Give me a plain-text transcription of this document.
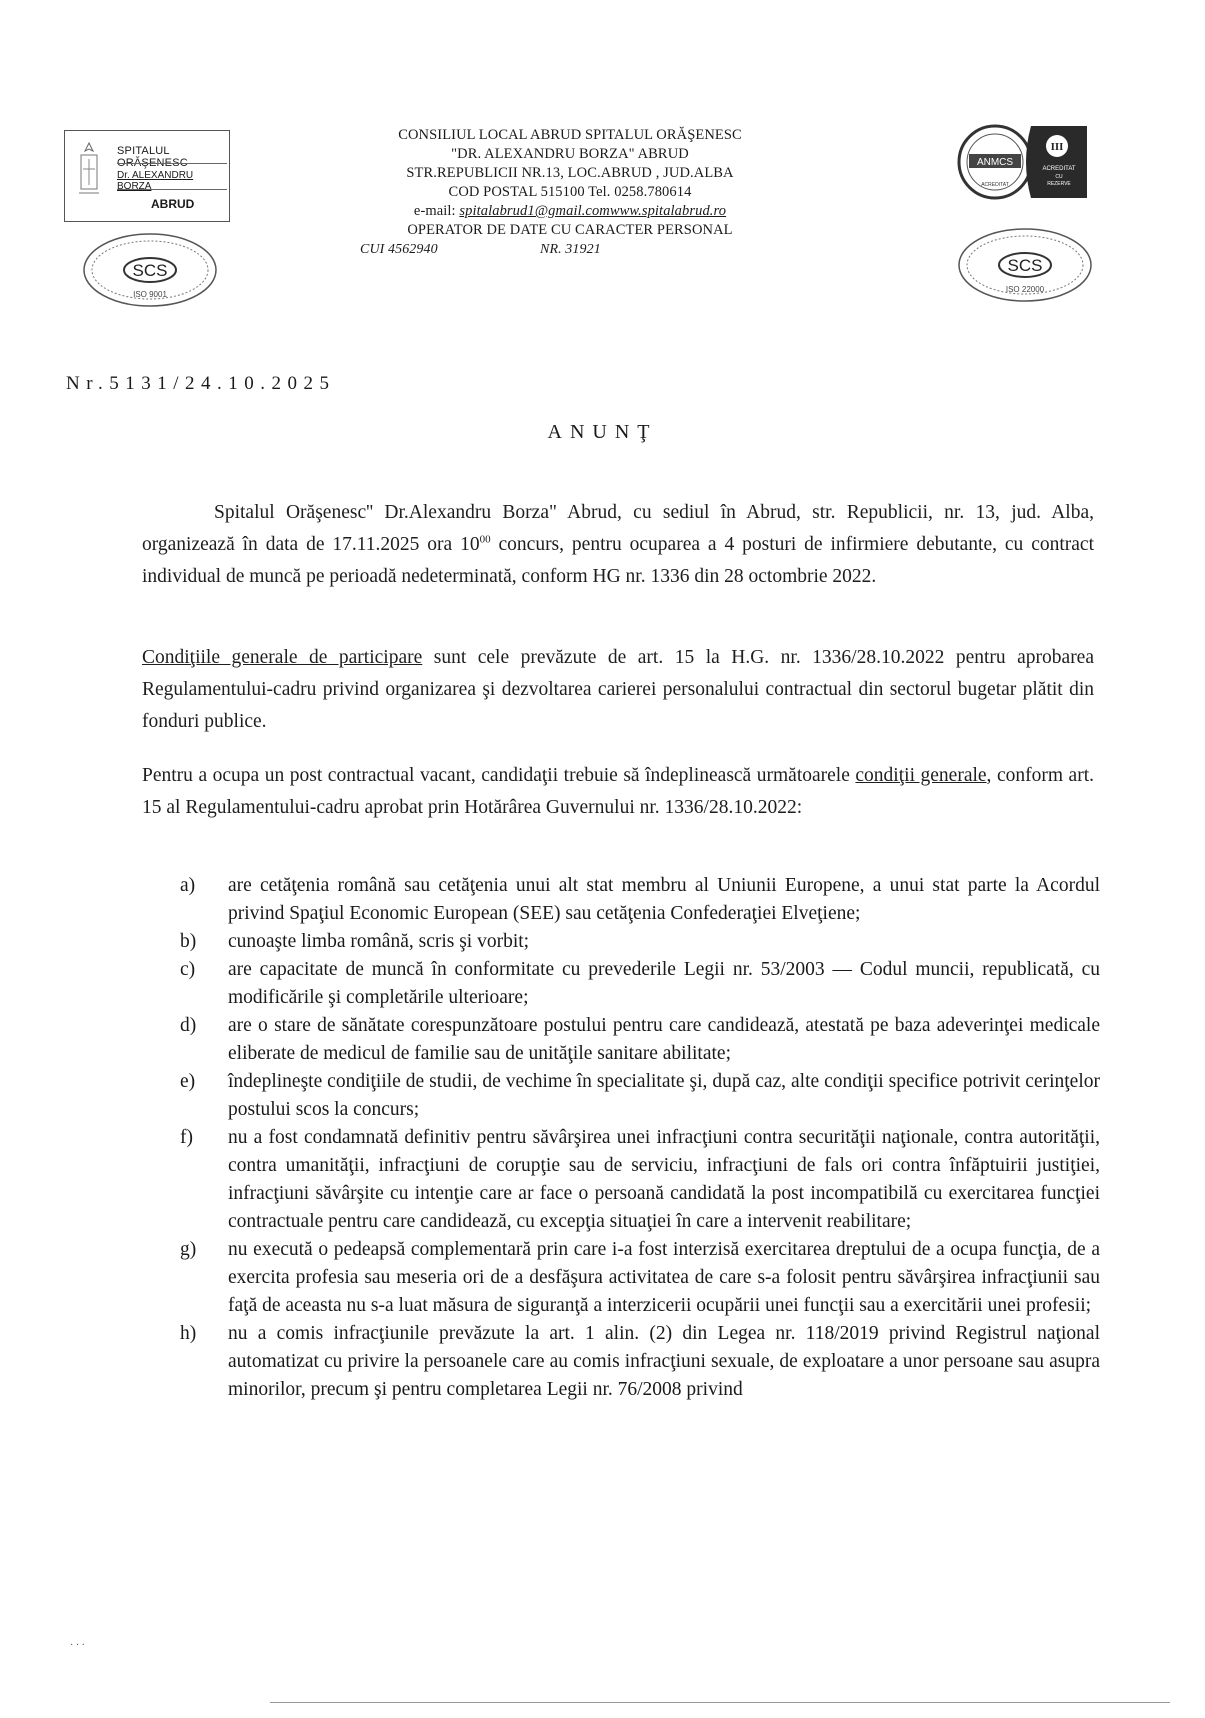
SPITALUL ORĂŞENESC
Dr. ALEXANDRU BORZA
ABRUD
SCS
ISO 9001
CONSILIUL LOCAL ABRUD SPITALUL ORĂŞENESC
"DR. ALEXANDRU BORZA" ABRUD
STR.REPUBLICII NR.13, LOC.ABRUD , JUD.ALBA
COD POSTAL 515100 Tel. 0258.780614
e-mail: spitalabrud1@gmail.comwww.spitalabrud.ro
OPERATOR DE DATE CU CARACTER PERSONAL
CUI 4562940	NR. 31921
ANMCS
ACREDITAT
III
ACREDITAT
CU
REZERVE
SCS
ISO 22000
Nr.5131/24.10.2025
ANUNŢ
Spitalul Orăşenesc'' Dr.Alexandru Borza" Abrud, cu sediul în Abrud, str. Republicii, nr. 13, jud. Alba, organizează în data de 17.11.2025 ora $10^{00}$ concurs, pentru ocuparea a 4 posturi de infirmiere debutante, cu contract individual de muncă pe perioadă nedeterminată, conform HG nr. 1336 din 28 octombrie 2022.
Condiţiile generale de participare sunt cele prevăzute de art. 15 la H.G. nr. 1336/28.10.2022 pentru aprobarea Regulamentului-cadru privind organizarea şi dezvoltarea carierei personalului contractual din sectorul bugetar plătit din fonduri publice.
Pentru a ocupa un post contractual vacant, candidaţii trebuie să îndeplinească următoarele condiţii generale, conform art. 15 al Regulamentului-cadru aprobat prin Hotărârea Guvernului nr. 1336/28.10.2022:
a) are cetăţenia română sau cetăţenia unui alt stat membru al Uniunii Europene, a unui stat parte la Acordul privind Spaţiul Economic European (SEE) sau cetăţenia Confederaţiei Elveţiene;
b) cunoaşte limba română, scris şi vorbit;
c) are capacitate de muncă în conformitate cu prevederile Legii nr. 53/2003 — Codul muncii, republicată, cu modificările şi completările ulterioare;
d) are o stare de sănătate corespunzătoare postului pentru care candidează, atestată pe baza adeverinţei medicale eliberate de medicul de familie sau de unităţile sanitare abilitate;
e) îndeplineşte condiţiile de studii, de vechime în specialitate şi, după caz, alte condiţii specifice potrivit cerinţelor postului scos la concurs;
f) nu a fost condamnată definitiv pentru săvârşirea unei infracţiuni contra securităţii naţionale, contra autorităţii, contra umanităţii, infracţiuni de corupţie sau de serviciu, infracţiuni de fals ori contra înfăptuirii justiţiei, infracţiuni săvârşite cu intenţie care ar face o persoană candidată la post incompatibilă cu exercitarea funcţiei contractuale pentru care candidează, cu excepţia situaţiei în care a intervenit reabilitare;
g) nu execută o pedeapsă complementară prin care i-a fost interzisă exercitarea dreptului de a ocupa funcţia, de a exercita profesia sau meseria ori de a desfăşura activitatea de care s-a folosit pentru săvârşirea infracţiunii sau faţă de aceasta nu s-a luat măsura de siguranţă a interzicerii ocupării unei funcţii sau a exercitării unei profesii;
h) nu a comis infracţiunile prevăzute la art. 1 alin. (2) din Legea nr. 118/2019 privind Registrul naţional automatizat cu privire la persoanele care au comis infracţiuni sexuale, de exploatare a unor persoane sau asupra minorilor, precum şi pentru completarea Legii nr. 76/2008 privind
· · ·
